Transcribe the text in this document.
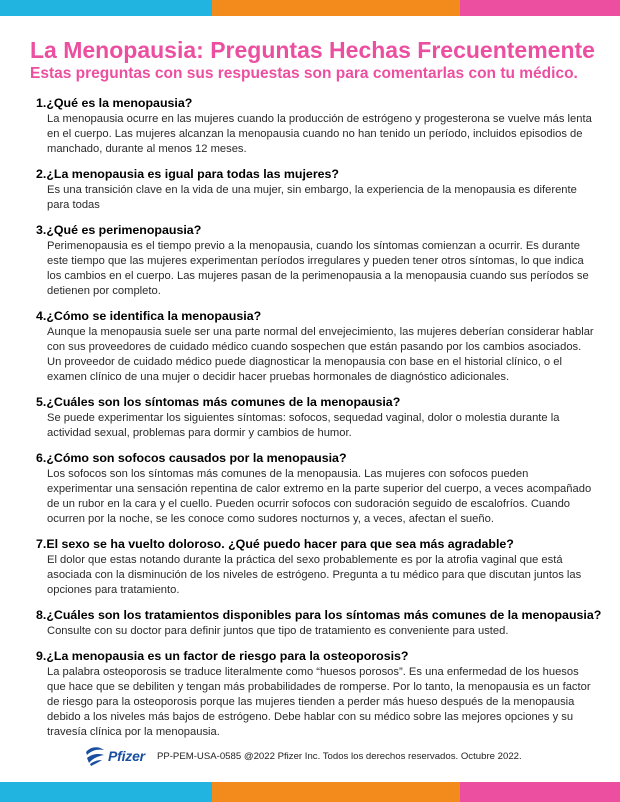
La Menopausia: Preguntas Hechas Frecuentemente
Estas preguntas con sus respuestas son para comentarlas con tu médico.
1.¿Qué es la menopausia?
La menopausia ocurre en las mujeres cuando la producción de estrógeno y progesterona se vuelve más lenta en el cuerpo. Las mujeres alcanzan la menopausia cuando no han tenido un período, incluidos episodios de manchado, durante al menos 12 meses.
2.¿La menopausia es igual para todas las mujeres?
Es una transición clave en la vida de una mujer, sin embargo, la experiencia de la menopausia es diferente para todas
3.¿Qué es perimenopausia?
Perimenopausia es el tiempo previo a la menopausia, cuando los síntomas comienzan a ocurrir. Es durante este tiempo que las mujeres experimentan períodos irregulares y pueden tener otros síntomas, lo que indica los cambios en el cuerpo. Las mujeres pasan de la perimenopausia a la menopausia cuando sus períodos se detienen por completo.
4.¿Cómo se identifica la menopausia?
Aunque la menopausia suele ser una parte normal del envejecimiento, las mujeres deberían considerar hablar con sus proveedores de cuidado médico cuando sospechen que están pasando por los cambios asociados. Un proveedor de cuidado médico puede diagnosticar la menopausia con base en el historial clínico, o el examen clínico de una mujer o decidir hacer pruebas hormonales de diagnóstico adicionales.
5.¿Cuáles son los síntomas más comunes de la menopausia?
Se puede experimentar los siguientes síntomas: sofocos, sequedad vaginal, dolor o molestia durante la actividad sexual, problemas para dormir y cambios de humor.
6.¿Cómo son sofocos causados por la menopausia?
Los sofocos son los síntomas más comunes de la menopausia. Las mujeres con sofocos pueden experimentar una sensación repentina de calor extremo en la parte superior del cuerpo, a veces acompañado de un rubor en la cara y el cuello. Pueden ocurrir sofocos con sudoración seguido de escalofríos. Cuando ocurren por la noche, se les conoce como sudores nocturnos y, a veces, afectan el sueño.
7.El sexo se ha vuelto doloroso. ¿Qué puedo hacer para que sea más agradable?
El dolor que estas notando durante la práctica del sexo probablemente es por la atrofia vaginal que está asociada con la disminución de los niveles de estrógeno. Pregunta a tu médico para que discutan juntos las opciones para tratamiento.
8.¿Cuáles son los tratamientos disponibles para los síntomas más comunes de la menopausia?
Consulte con su doctor para definir juntos que tipo de tratamiento es conveniente para usted.
9.¿La menopausia es un factor de riesgo para la osteoporosis?
La palabra osteoporosis se traduce literalmente como “huesos porosos”. Es una enfermedad de los huesos que hace que se debiliten y tengan más probabilidades de romperse. Por lo tanto, la menopausia es un factor de riesgo para la osteoporosis porque las mujeres tienden a perder más hueso después de la menopausia debido a los niveles más bajos de estrógeno. Debe hablar con su médico sobre las mejores opciones y su travesía clínica por la menopausia.
Pfizer PP-PEM-USA-0585 @2022 Pfizer Inc. Todos los derechos reservados. Octubre 2022.
